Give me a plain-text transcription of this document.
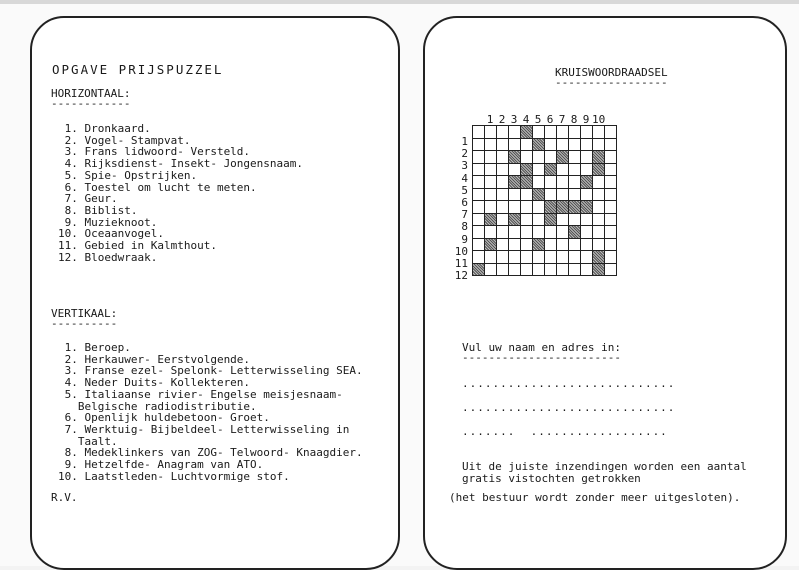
OPGAVE PRIJSPUZZEL
HORIZONTAAL:
------------
1. Dronkaard.
2. Vogel- Stampvat.
3. Frans lidwoord- Versteld.
4. Rijksdienst- Insekt- Jongensnaam.
5. Spie- Opstrijken.
6. Toestel om lucht te meten.
7. Geur.
8. Biblist.
9. Muzieknoot.
10. Oceaanvogel.
11. Gebied in Kalmthout.
12. Bloedwraak.
VERTIKAAL:
----------
1. Beroep.
2. Herkauwer- Eerstvolgende.
3. Franse ezel- Spelonk- Letterwisseling SEA.
4. Neder Duits- Kollekteren.
5. Italiaanse rivier- Engelse meisjesnaam-
Belgische radiodistributie.
6. Openlijk huldebetoon- Groet.
7. Werktuig- Bijbeldeel- Letterwisseling in
Taalt.
8. Medeklinkers van ZOG- Telwoord- Knaagdier.
9. Hetzelfde- Anagram van ATO.
10. Laatstleden- Luchtvormige stof.
R.V.
KRUISWOORDRAADSEL
-----------------
1 2 3 4 5 6 7 8 9 10
1
2
3
4
5
6
7
8
9
10
11
12
Vul uw naam en adres in:
------------------------
............................
............................
.......  ..................
Uit de juiste inzendingen worden een aantal
gratis vistochten getrokken
(het bestuur wordt zonder meer uitgesloten).
